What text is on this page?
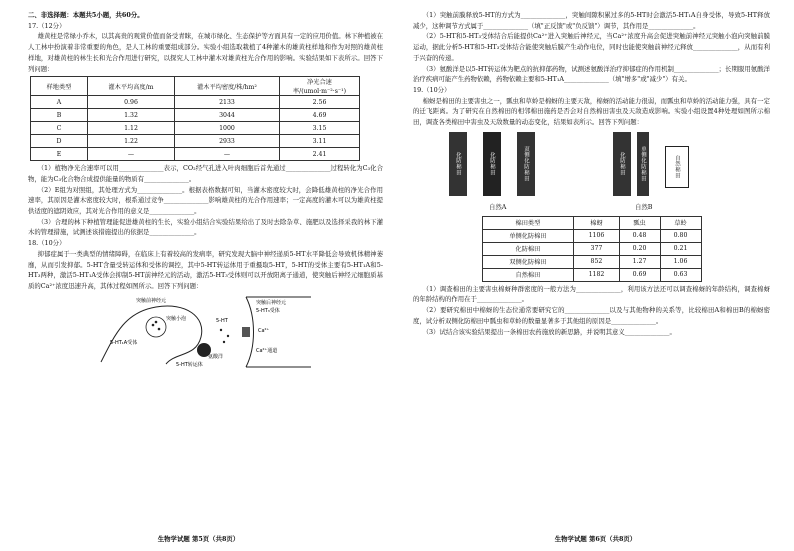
二、非选择题：本题共5小题，共60分。

17.（12分）

雄黄柱是常绿小乔木，以其高贵的观赏价值而备受青睐，在城市绿化、生态保护等方面具有一定的应用价值。林下种植被在人工林中扮演着非常重要的角色，是人工林的重要组成部分。实验小组选取栽植了4种灌木的雄黄柱样地和作为对照的雄黄柱样地，对雄黄柱的林生长和光合作用进行研究，以探究人工林中灌木对雄黄柱光合作用的影响。实验结果如下表所示。回答下列问题：

样地类型	灌木平均高度/m	灌木平均密度/株/hm²	净光合速率/(umol·m⁻²·s⁻¹)
A	0.96	2133	2.56
B	1.32	3044	4.69
C	1.12	1000	3.15
D	1.22	2933	3.11
E	—	—	2.41

（1）植物净光合速率可以用______________表示，CO₂经气孔进入叶肉细胞后首先通过______________过程转化为C₃化合物，能为C₃化合物合成提供能量的物质有______________。

（2）E组为对照组，其处理方式为______________。根据表格数据可知，当灌木密度较大时，会降低雄黄柱的净光合作用速率，其原因是灌木密度较大时，根系通过竞争______________影响雄黄柱的光合作用速率；一定高度的灌木可以为雄黄柱提供适度的遮阴效应，其对光合作用的意义是______________。

（3）合理的林下种植管理能促进雄黄柱的生长，实验小组结合实验结果给出了及时去除杂草、施肥以及选择采我的林下灌木的管理措施，试测述该措施提出的依据是______________。

18.（10分）

抑郁症属于一类典型的情绪障碍，在临床上有着较高的发病率，研究发现大脑中神经递质5-HT水平降低会导致机体精神萎靡，从而引发抑郁。5-HT含量受转运体和受体的调控，其中5-HT转运体用于重摄取5-HT，5-HT的受体主要有5-HT₁A和5-HT₃两种，激活5-HT₁A受体会抑制5-HT前神经元的活动，激活5-HT₃受体则可以开放阳离子通道，使突触后神经元细胞质基质的Ca²⁺浓度迅速升高，其体过程如图所示。回答下列问题：

突触前神经元
5-HT
5-HT₁A受体
突触小泡
5-HT转运体
氨酸洋
Ca²⁺
Ca²⁺通道
5-HT₃受体
突触后神经元
生物学试题 第5页（共8页）

（1）突触前膜释放5-HT的方式为______________，突触间隙积累过多的5-HT时会激活5-HT₁A自身受体，导致5-HT释放减少，这种调节方式属于______________（填"正反馈"或"负反馈"）调节，其作用是______________。

（2）5-HT和5-HT₃受体结合后能提供Ca²⁺进入突触后神经元，当Ca²⁺浓度升高会促进突触前神经元突触小泡向突触前膜运动，据此分析5-HT和5-HT₃受体结合能使突触后膜产生动作电位，同时也能使突触前神经元释放______________，从而有利于兴奋的传递。

（3）氨酸洋是以5-HT转运体为靶点的抗抑郁药物，试测述氨酸洋治疗抑郁症的作用机制______________；长期服用氨酸洋治疗疾病可能产生药物依赖，药物依赖主要和5-HT₁A______________（填"增多"或"减少"）有关。

19.（10分）

棉蚜是棉田的主要害虫之一，瓢虫和草蛉是棉蚜的主要天敌，棉蚜的活动能力很弱，而瓢虫和草蛉的活动能力强，具有一定的迁飞距离。为了研究在自然棉田的相邻棉田施药是否会对自然棉田害虫及天敌造成影响。实验小组设置4种处理如图所示棉田，调查各类棉田中害虫及天敌数量的动态变化，结果如表所示。回答下列问题：

化防棉田	化防棉田	双侧化防棉田	化防棉田	单侧化防棉田	自然棉田
自然A	自然B
棉田类型	棉蚜	瓢虫	草蛉
单侧化防棉田	1106	0.48	0.80
化防棉田	377	0.20	0.21
双侧化防棉田	852	1.27	1.06
自然棉田	1182	0.69	0.63

（1）调查棉田的主要害虫棉蚜种群密度的一般方法为______________，利用该方法还可以调查棉蚜的年龄结构，调查棉蚜的年龄结构的作用在于______________。

（2）要研究棉田中棉蚜的生态位通常要研究它的______________以及与其他物种的关系等，比较棉田A和棉田B的棉蚜密度，试分析双侧化防棉田中瓢虫和草蛉的数量显著多于其他组的原因是______________。

（3）试结合该实验结果提出一条棉田农药施放的新思路，并说明其意义______________。

生物学试题 第6页（共8页）
